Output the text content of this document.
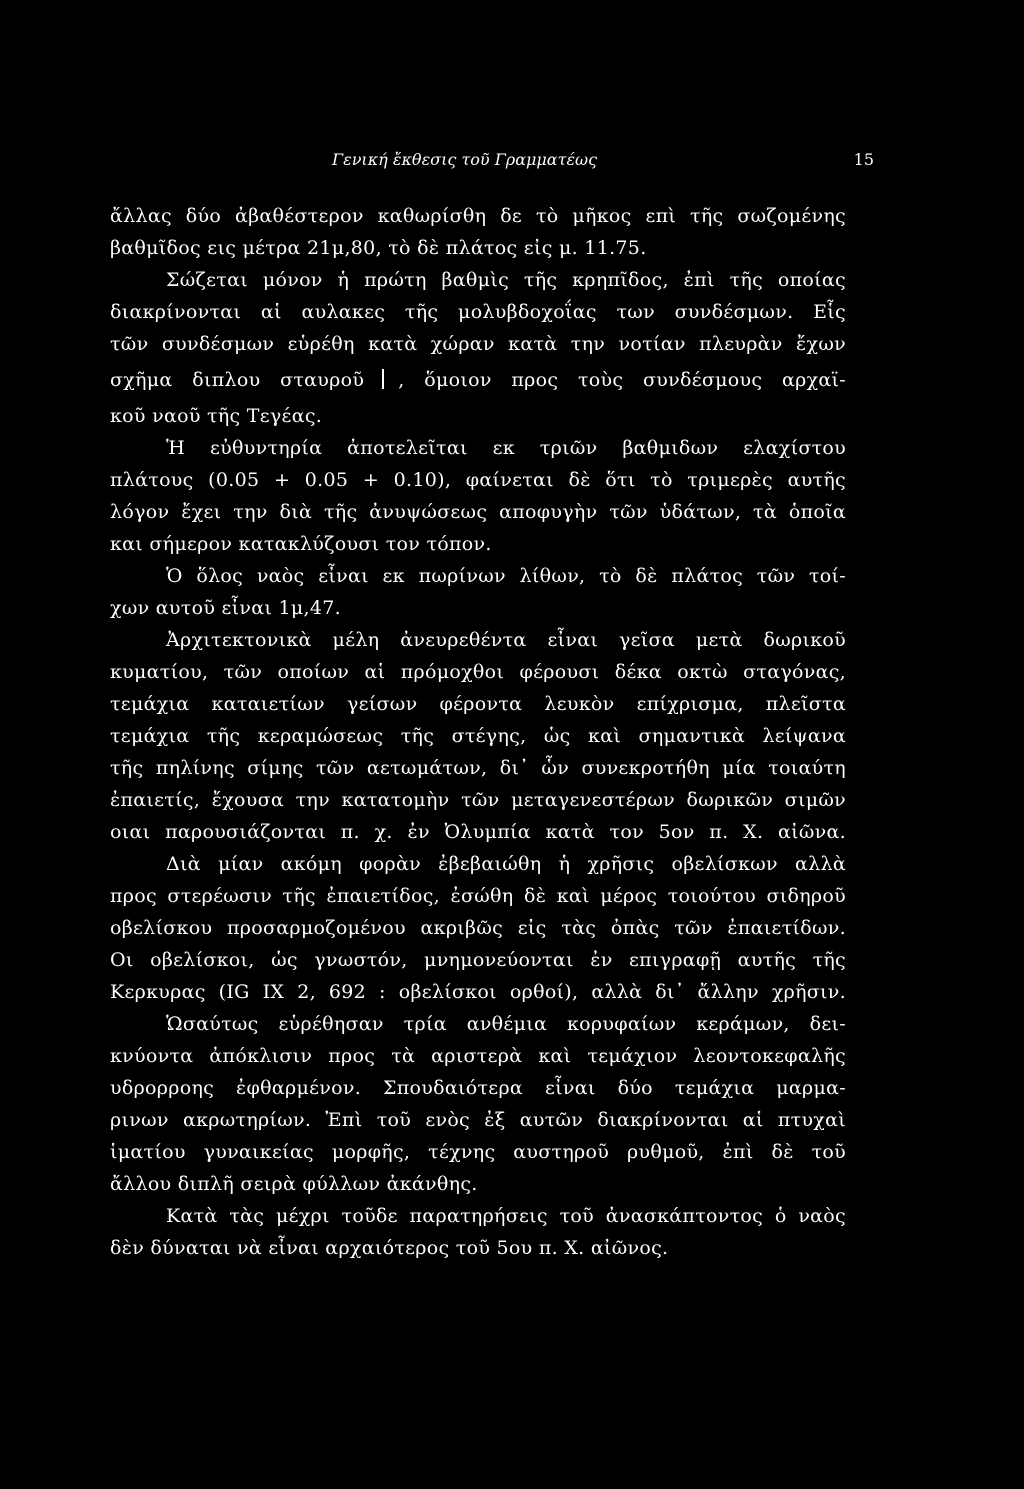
Γενική ἔκθεσις τοῦ Γραμματέως	15
ἄλλας δύο ἀβαθέστερον καθωρίσθη δε τὸ μῆκος επὶ τῆς σωζομένης
βαθμῖδος εις μέτρα 21μ,80, τὸ δὲ πλάτος εἰς μ. 11.75.
Σώζεται μόνον ἡ πρώτη βαθμὶς τῆς κρηπῖδος, ἐπὶ τῆς οποίας
διακρίνονται αἱ αυλακες τῆς μολυβδοχοΐας των συνδέσμων. Εἷς
τῶν συνδέσμων εὑρέθη κατὰ χώραν κατὰ την νοτίαν πλευρὰν ἔχων
σχῆμα διπλου σταυροῦ , ὅμοιον προς τοὺς συνδέσμους αρχαϊ-
κοῦ ναοῦ τῆς Τεγέας.
Ἡ εὐθυντηρία ἀποτελεῖται εκ τριῶν βαθμιδων ελαχίστου
πλάτους (0.05 + 0.05 + 0.10), φαίνεται δὲ ὅτι τὸ τριμερὲς αυτῆς
λόγον ἔχει την διὰ τῆς ἀνυψώσεως αποφυγὴν τῶν ὑδάτων, τὰ ὁποῖα
και σήμερον κατακλύζουσι τον τόπον.
Ὁ ὅλος ναὸς εἶναι εκ πωρίνων λίθων, τὸ δὲ πλάτος τῶν τοί-
χων αυτοῦ εἶναι 1μ,47.
Ἀρχιτεκτονικὰ μέλη ἀνευρεθέντα εἶναι γεῖσα μετὰ δωρικοῦ
κυματίου, τῶν οποίων αἱ πρόμοχθοι φέρουσι δέκα οκτὼ σταγόνας,
τεμάχια καταιετίων γείσων φέροντα λευκὸν επίχρισμα, πλεῖστα
τεμάχια τῆς κεραμώσεως τῆς στέγης, ὡς καὶ σημαντικὰ λείψανα
τῆς πηλίνης σίμης τῶν αετωμάτων, δι᾽ ὧν συνεκροτήθη μία τοιαύτη
ἐπαιετίς, ἔχουσα την κατατομὴν τῶν μεταγενεστέρων δωρικῶν σιμῶν
οιαι παρουσιάζονται π. χ. ἐν Ὀλυμπία κατὰ τον 5ον π. Χ. αἰῶνα.
Διὰ μίαν ακόμη φορὰν ἐβεβαιώθη ἡ χρῆσις οβελίσκων αλλὰ
προς στερέωσιν τῆς ἐπαιετίδος, ἐσώθη δὲ καὶ μέρος τοιούτου σιδηροῦ
οβελίσκου προσαρμοζομένου ακριβῶς εἰς τὰς ὀπὰς τῶν ἐπαιετίδων.
Οι οβελίσκοι, ὡς γνωστόν, μνημονεύονται ἐν επιγραφῇ αυτῆς τῆς
Κερκυρας (IG IX 2, 692 : οβελίσκοι ορθοί), αλλὰ δι᾽ ἄλλην χρῆσιν.
Ὡσαύτως εὑρέθησαν τρία ανθέμια κορυφαίων κεράμων, δει-
κνύοντα ἀπόκλισιν προς τὰ αριστερὰ καὶ τεμάχιον λεοντοκεφαλῆς
υδρορροης ἐφθαρμένον. Σπουδαιότερα εἶναι δύο τεμάχια μαρμα-
ρινων ακρωτηρίων. Ἐπὶ τοῦ ενὸς ἐξ αυτῶν διακρίνονται αἱ πτυχαὶ
ἱματίου γυναικείας μορφῆς, τέχνης αυστηροῦ ρυθμοῦ, ἐπὶ δὲ τοῦ
ἄλλου διπλῆ σειρὰ φύλλων ἀκάνθης.
Κατὰ τὰς μέχρι τοῦδε παρατηρήσεις τοῦ ἀνασκάπτοντος ὁ ναὸς
δὲν δύναται νὰ εἶναι αρχαιότερος τοῦ 5ου π. Χ. αἰῶνος.
